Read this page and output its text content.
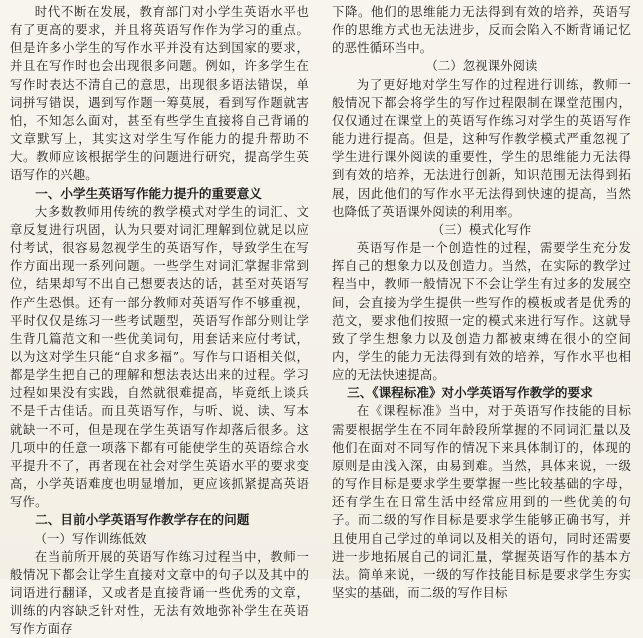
时代不断在发展，教育部门对小学生英语水平也有了更高的要求，并且将英语写作作为学习的重点。但是许多小学生的写作水平并没有达到国家的要求，并且在写作时也会出现很多问题。例如，许多学生在写作时表达不清自己的意思，出现很多语法错误，单词拼写错误，遇到写作题一筹莫展，看到写作题就害怕，不知怎么面对，甚至有些学生直接将自己背诵的文章默写上，其实这对学生写作能力的提升帮助不大。教师应该根据学生的问题进行研究，提高学生英语写作的兴趣。

一、小学生英语写作能力提升的重要意义

大多数教师用传统的教学模式对学生的词汇、文章反复进行巩固，认为只要对词汇理解到位就足以应付考试，很容易忽视学生的英语写作，导致学生在写作方面出现一系列问题。一些学生对词汇掌握非常到位，结果却写不出自己想要表达的话，甚至对英语写作产生恐惧。还有一部分教师对英语写作不够重视，平时仅仅是练习一些考试题型，英语写作部分则让学生背几篇范文和一些优美词句，用套话来应付考试，以为这对学生只能“自求多福”。写作与口语相关似，都是学生把自己的理解和想法表达出来的过程。学习过程如果没有实践，自然就很难提高，毕竟纸上谈兵不是千古佳话。而且英语写作，与听、说、读、写本就缺一不可，但是现在学生英语写作却落后很多。这几项中的任意一项落下都有可能使学生的英语综合水平提升不了，再者现在社会对学生英语水平的要求变高，小学英语难度也明显增加，更应该抓紧提高英语写作。

二、目前小学英语写作教学存在的问题
（一）写作训练低效

在当前所开展的英语写作练习过程当中，教师一般情况下都会让学生直接对文章中的句子以及其中的词语进行翻译，又或者是直接背诵一些优秀的文章，训练的内容缺乏针对性，无法有效地弥补学生在英语写作方面存

下降。他们的思维能力无法得到有效的培养，英语写作的思维方式也无法进步，反而会陷入不断背诵记忆的恶性循环当中。

（二）忽视课外阅读

为了更好地对学生写作的过程进行训练，教师一般情况下都会将学生的写作过程限制在课堂范围内，仅仅通过在课堂上的英语写作练习对学生的英语写作能力进行提高。但是，这种写作教学模式严重忽视了学生进行课外阅读的重要性，学生的思维能力无法得到有效的培养，无法进行创新，知识范围无法得到拓展，因此他们的写作水平无法得到快速的提高，当然也降低了英语课外阅读的利用率。

（三）模式化写作

英语写作是一个创造性的过程，需要学生充分发挥自己的想象力以及创造力。当然，在实际的教学过程当中，教师一般情况下不会让学生有过多的发展空间，会直接为学生提供一些写作的模板或者是优秀的范文，要求他们按照一定的模式来进行写作。这就导致了学生想象力以及创造力都被束缚在很小的空间内，学生的能力无法得到有效的培养，写作水平也相应的无法快速提高。

三、《课程标准》对小学英语写作教学的要求

在《课程标准》当中，对于英语写作技能的目标需要根据学生在不同年龄段所掌握的不同词汇量以及他们在面对不同写作的情况下来具体制订的，体现的原则是由浅入深，由易到难。当然，具体来说，一级的写作目标是要求学生要掌握一些比较基础的字母，还有学生在日常生活中经常应用到的一些优美的句子。而二级的写作目标是要求学生能够正确书写，并且使用自己学过的单词以及相关的语句，同时还需要进一步地拓展自己的词汇量，掌握英语写作的基本方法。简单来说，一级的写作技能目标是要求学生夯实坚实的基础，而二级的写作目标
